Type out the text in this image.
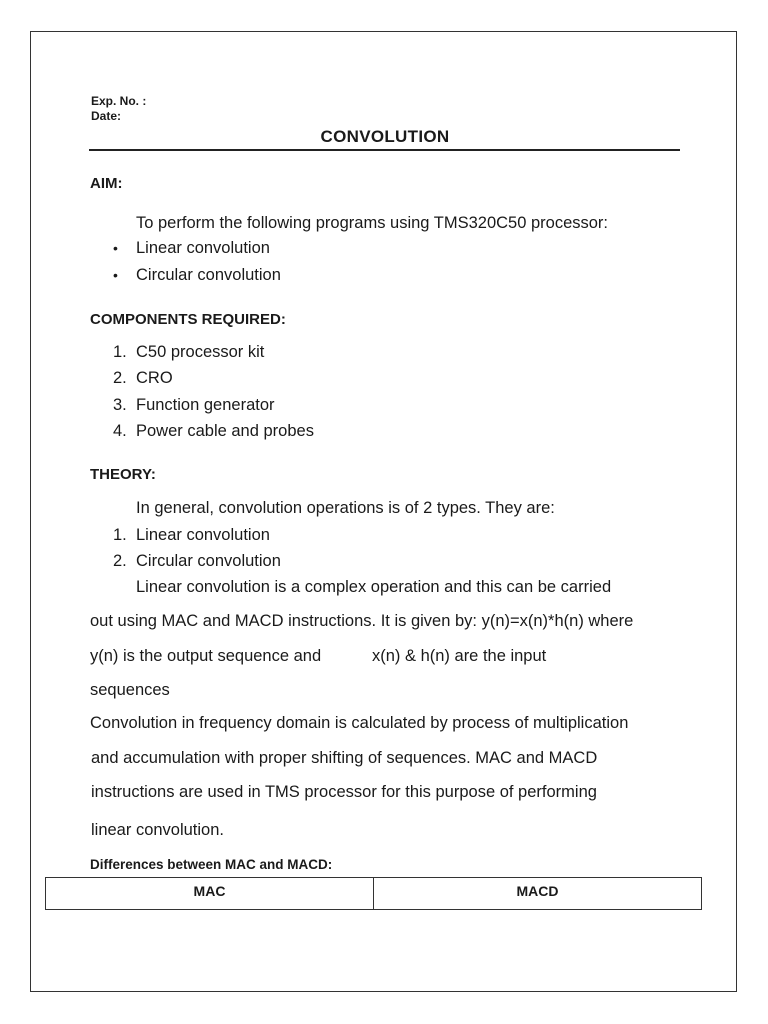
Exp. No. :
Date:
CONVOLUTION
AIM:
To perform the following programs using TMS320C50 processor:
• Linear convolution
• Circular convolution
COMPONENTS REQUIRED:
1. C50 processor kit
2. CRO
3. Function generator
4. Power cable and probes
THEORY:
In general, convolution operations is of 2 types. They are:
1. Linear convolution
2. Circular convolution
Linear convolution is a complex operation and this can be carried
out using MAC and MACD instructions. It is given by: y(n)=x(n)*h(n) where
y(n) is the output sequence and	x(n) & h(n) are the input
sequences
Convolution in frequency domain is calculated by process of multiplication
and accumulation with proper shifting of sequences. MAC and MACD
instructions are used in TMS processor for this purpose of performing
linear convolution.
Differences between MAC and MACD:
MAC	MACD
